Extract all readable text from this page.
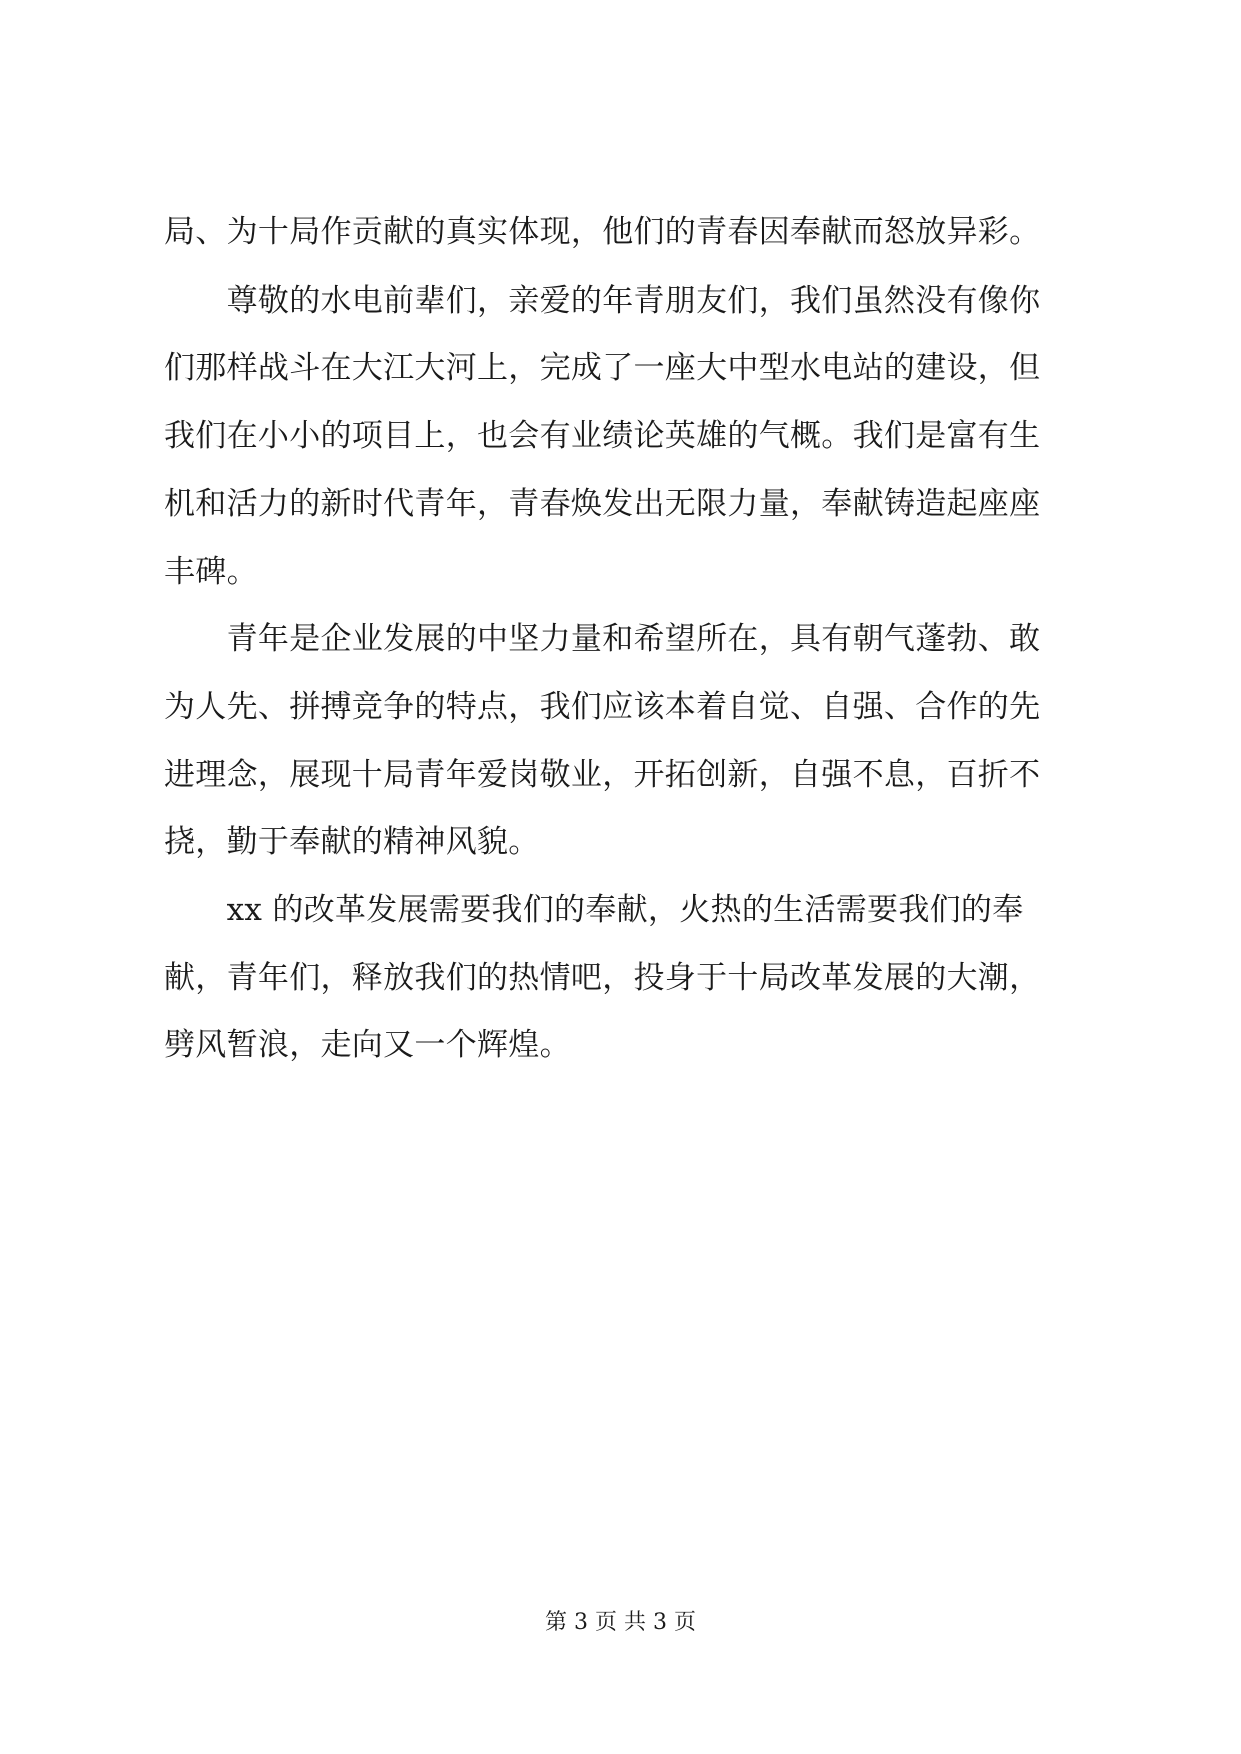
局、为十局作贡献的真实体现，他们的青春因奉献而怒放异彩。
　　尊敬的水电前辈们，亲爱的年青朋友们，我们虽然没有像你
们那样战斗在大江大河上，完成了一座大中型水电站的建设，但
我们在小小的项目上，也会有业绩论英雄的气概。我们是富有生
机和活力的新时代青年，青春焕发出无限力量，奉献铸造起座座
丰碑。
　　青年是企业发展的中坚力量和希望所在，具有朝气蓬勃、敢
为人先、拼搏竞争的特点，我们应该本着自觉、自强、合作的先
进理念，展现十局青年爱岗敬业，开拓创新，自强不息，百折不
挠，勤于奉献的精神风貌。
　　xx 的改革发展需要我们的奉献，火热的生活需要我们的奉
献，青年们，释放我们的热情吧，投身于十局改革发展的大潮，
劈风暂浪，走向又一个辉煌。
第 3 页 共 3 页
